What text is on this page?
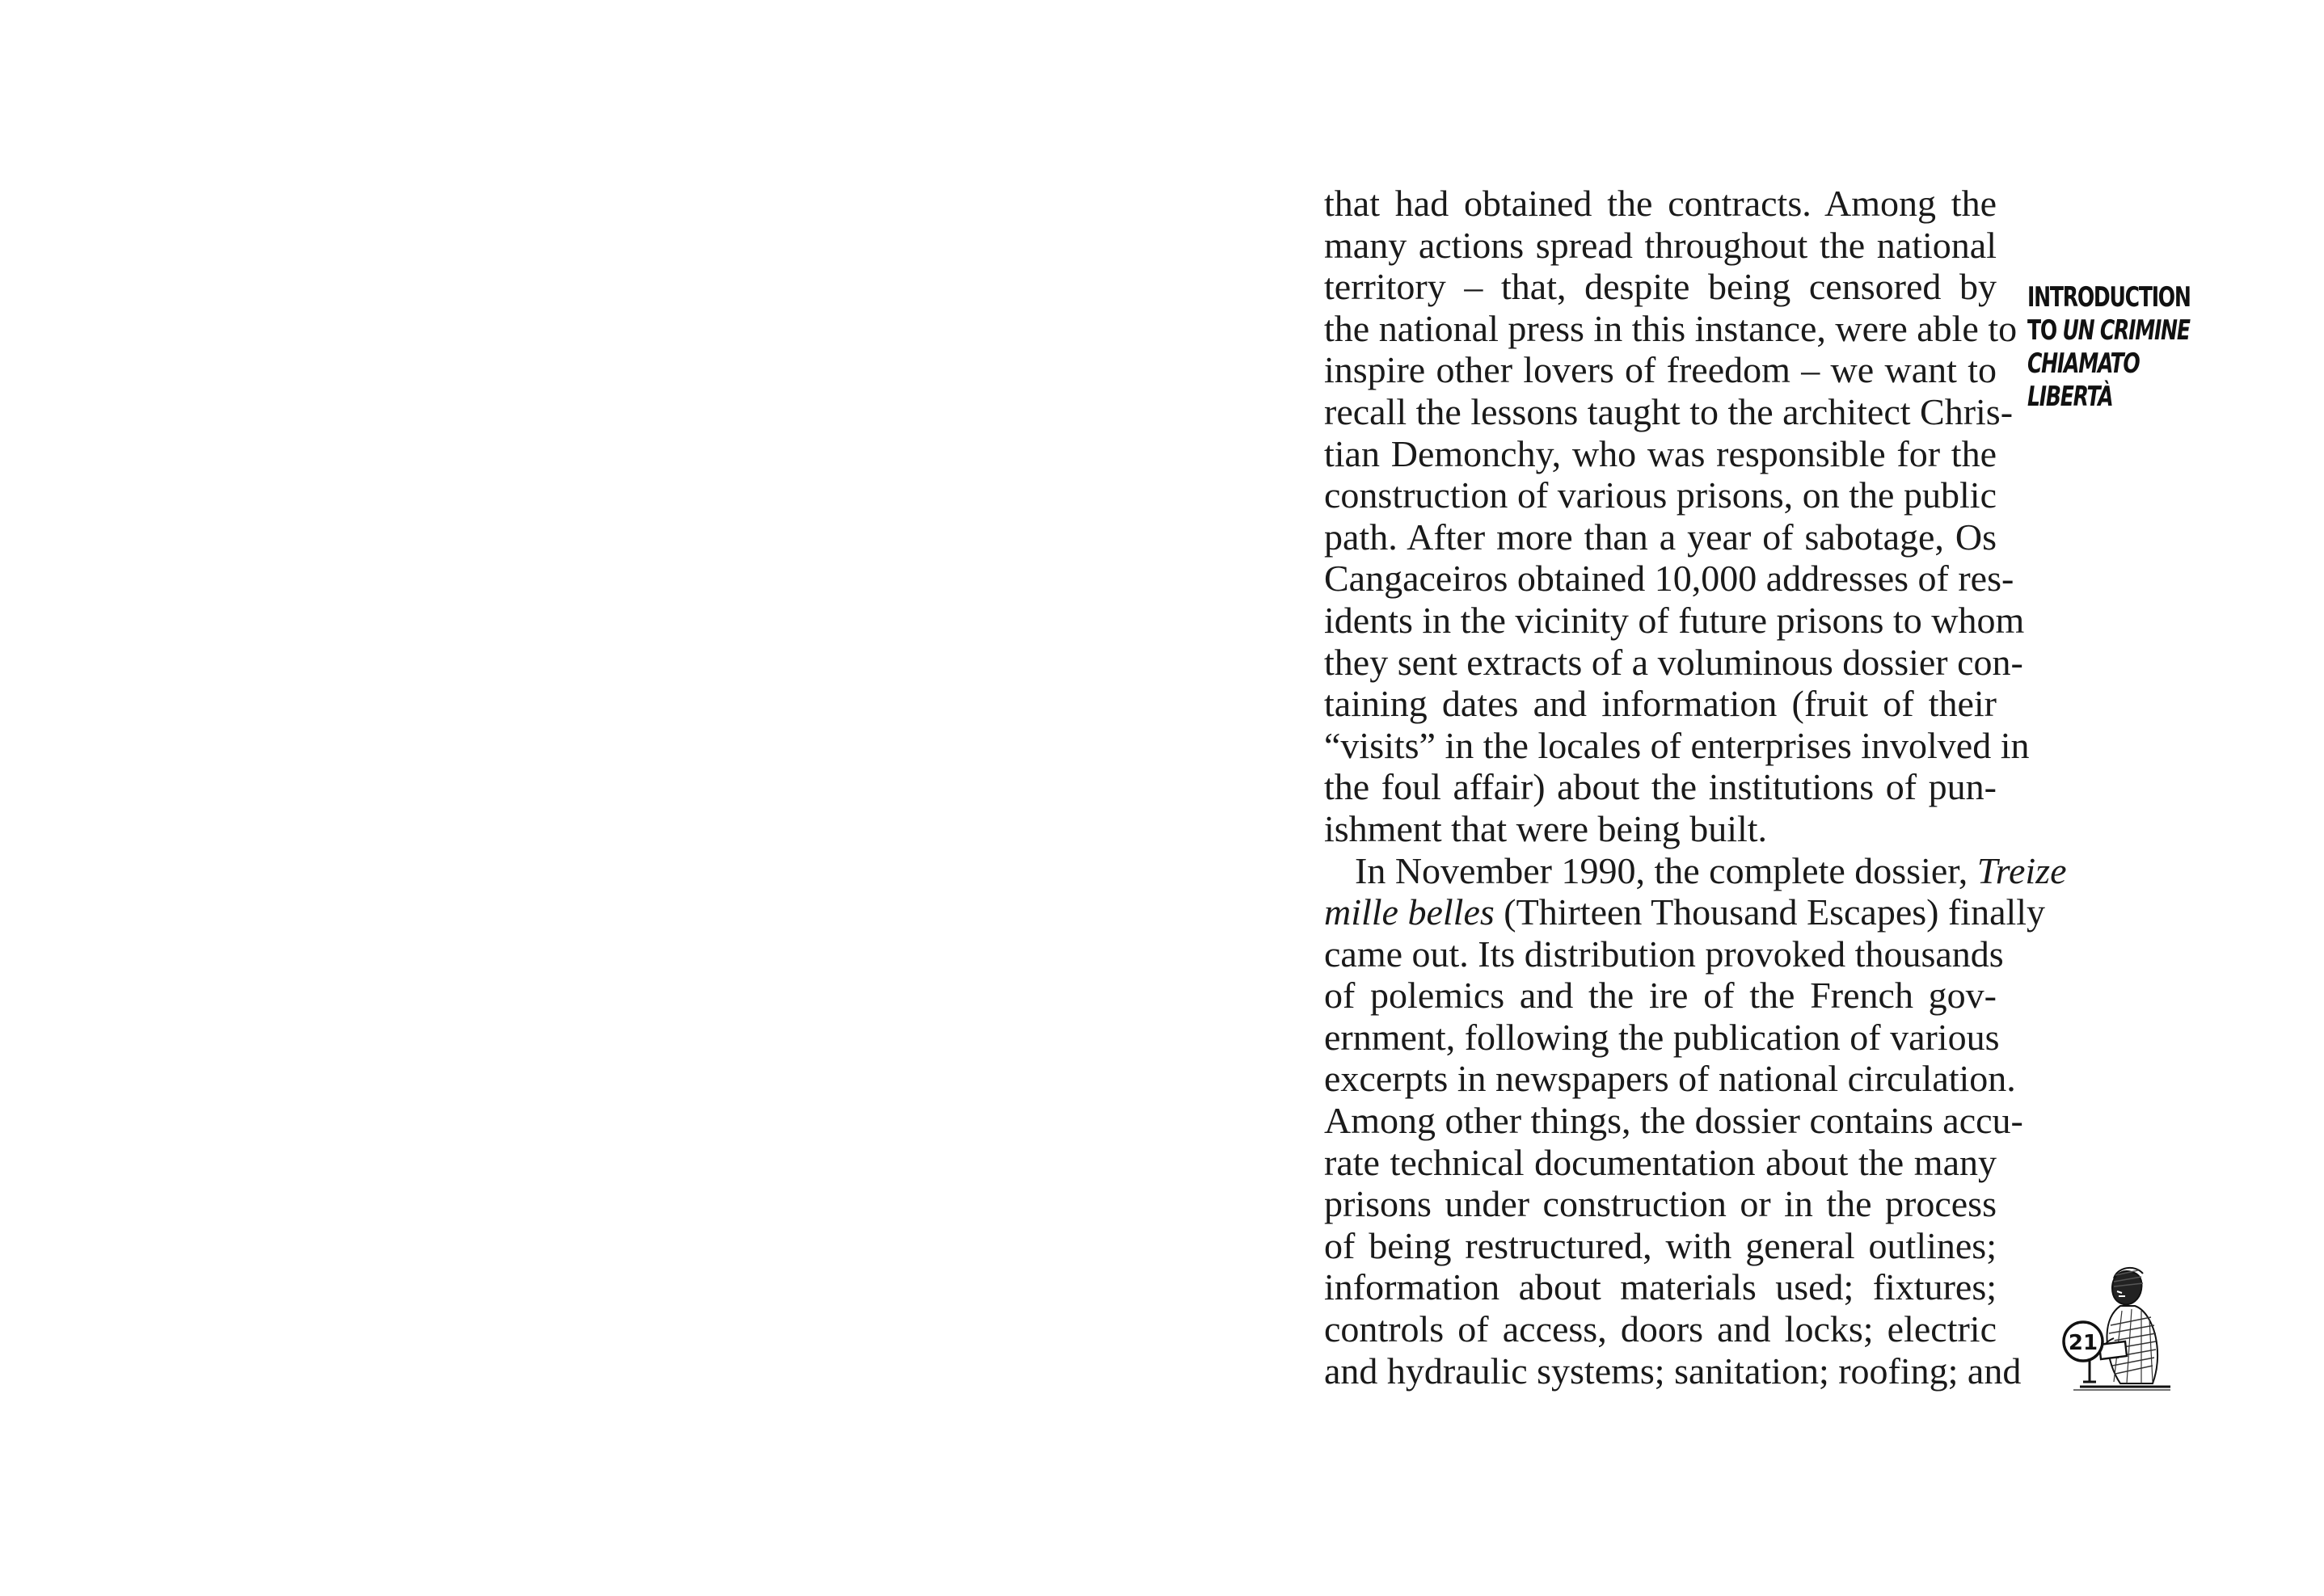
that had obtained the contracts. Among the
many actions spread throughout the national
territory – that, despite being censored by
the national press in this instance, were able to
inspire other lovers of freedom – we want to
recall the lessons taught to the architect Chris-
tian Demonchy, who was responsible for the
construction of various prisons, on the public
path. After more than a year of sabotage, Os
Cangaceiros obtained 10,000 addresses of res-
idents in the vicinity of future prisons to whom
they sent extracts of a voluminous dossier con-
taining dates and information (fruit of their
“visits” in the locales of enterprises involved in
the foul affair) about the institutions of pun-
ishment that were being built.

In November 1990, the complete dossier, Treize
mille belles (Thirteen Thousand Escapes) finally
came out. Its distribution provoked thousands
of polemics and the ire of the French gov-
ernment, following the publication of various
excerpts in newspapers of national circulation.
Among other things, the dossier contains accu-
rate technical documentation about the many
prisons under construction or in the process
of being restructured, with general outlines;
information about materials used; fixtures;
controls of access, doors and locks; electric
and hydraulic systems; sanitation; roofing; and

INTRODUCTION
TO UN CRIMINE
CHIAMATO
LIBERTÀ
21
